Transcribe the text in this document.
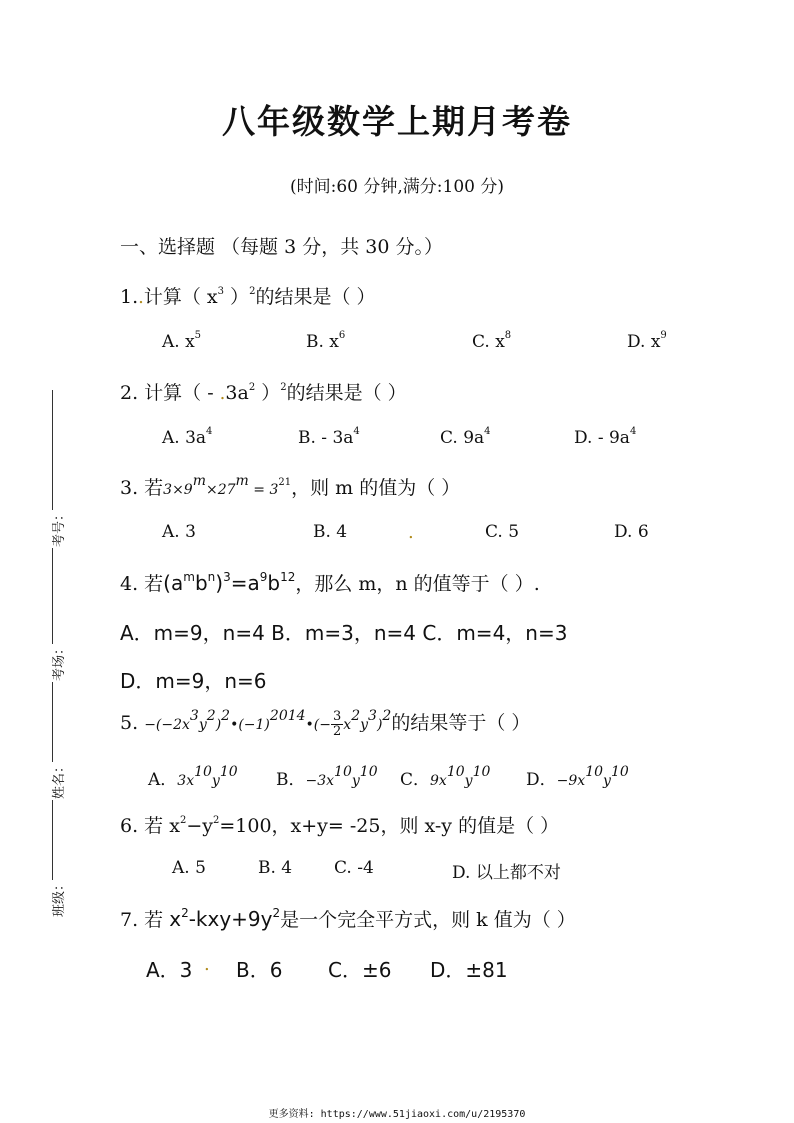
八年级数学上期月考卷
(时间:60 分钟,满分:100 分)
一、选择题 （每题 3 分，共 30 分。）
考号：
考场：
姓名：
班级：
1..计算（ $x^3$ ）$^2$的结果是（ ）
A. $x^5$	B. $x^6$	C. $x^8$	D. $x^9$
2. 计算（ - $.3a^2$ ）$^2$的结果是（ ）
A. $3a^4$	B. - $3a^4$	C. $9a^4$	D. - $9a^4$
3. 若$3\times 9^m\times 27^m = 3^{21}$，则 m 的值为（ ）
A. 3	B. 4	.	C. 5	D. 6
4. 若$(a^mb^n)^3=a^9b^{12}$，那么 m，n 的值等于（ ）.
A．m=9，n=4 B．m=3，n=4 C．m=4，n=3
D．m=9，n=6
5. $-(-2x^3y^2)^2•(-1)^{2014}•(- \frac{3}{2} x^2y^3)^2$的结果等于（ ）
A．$3x^{10}y^{10}$ B．$-3x^{10}y^{10}$ C．$9x^{10}y^{10}$ D．$-9x^{10}y^{10}$
6. 若 $x^2-y^2=100$，x+y= -25，则 x-y 的值是（ ）
A. 5	B. 4 C. -4	D. 以上都不对
7. 若 $x^2-kxy+9y^2$是一个完全平方式，则 k 值为（ ）
A．3 . B．6 C．±6 D．±81
更多资料: https://www.51jiaoxi.com/u/2195370
